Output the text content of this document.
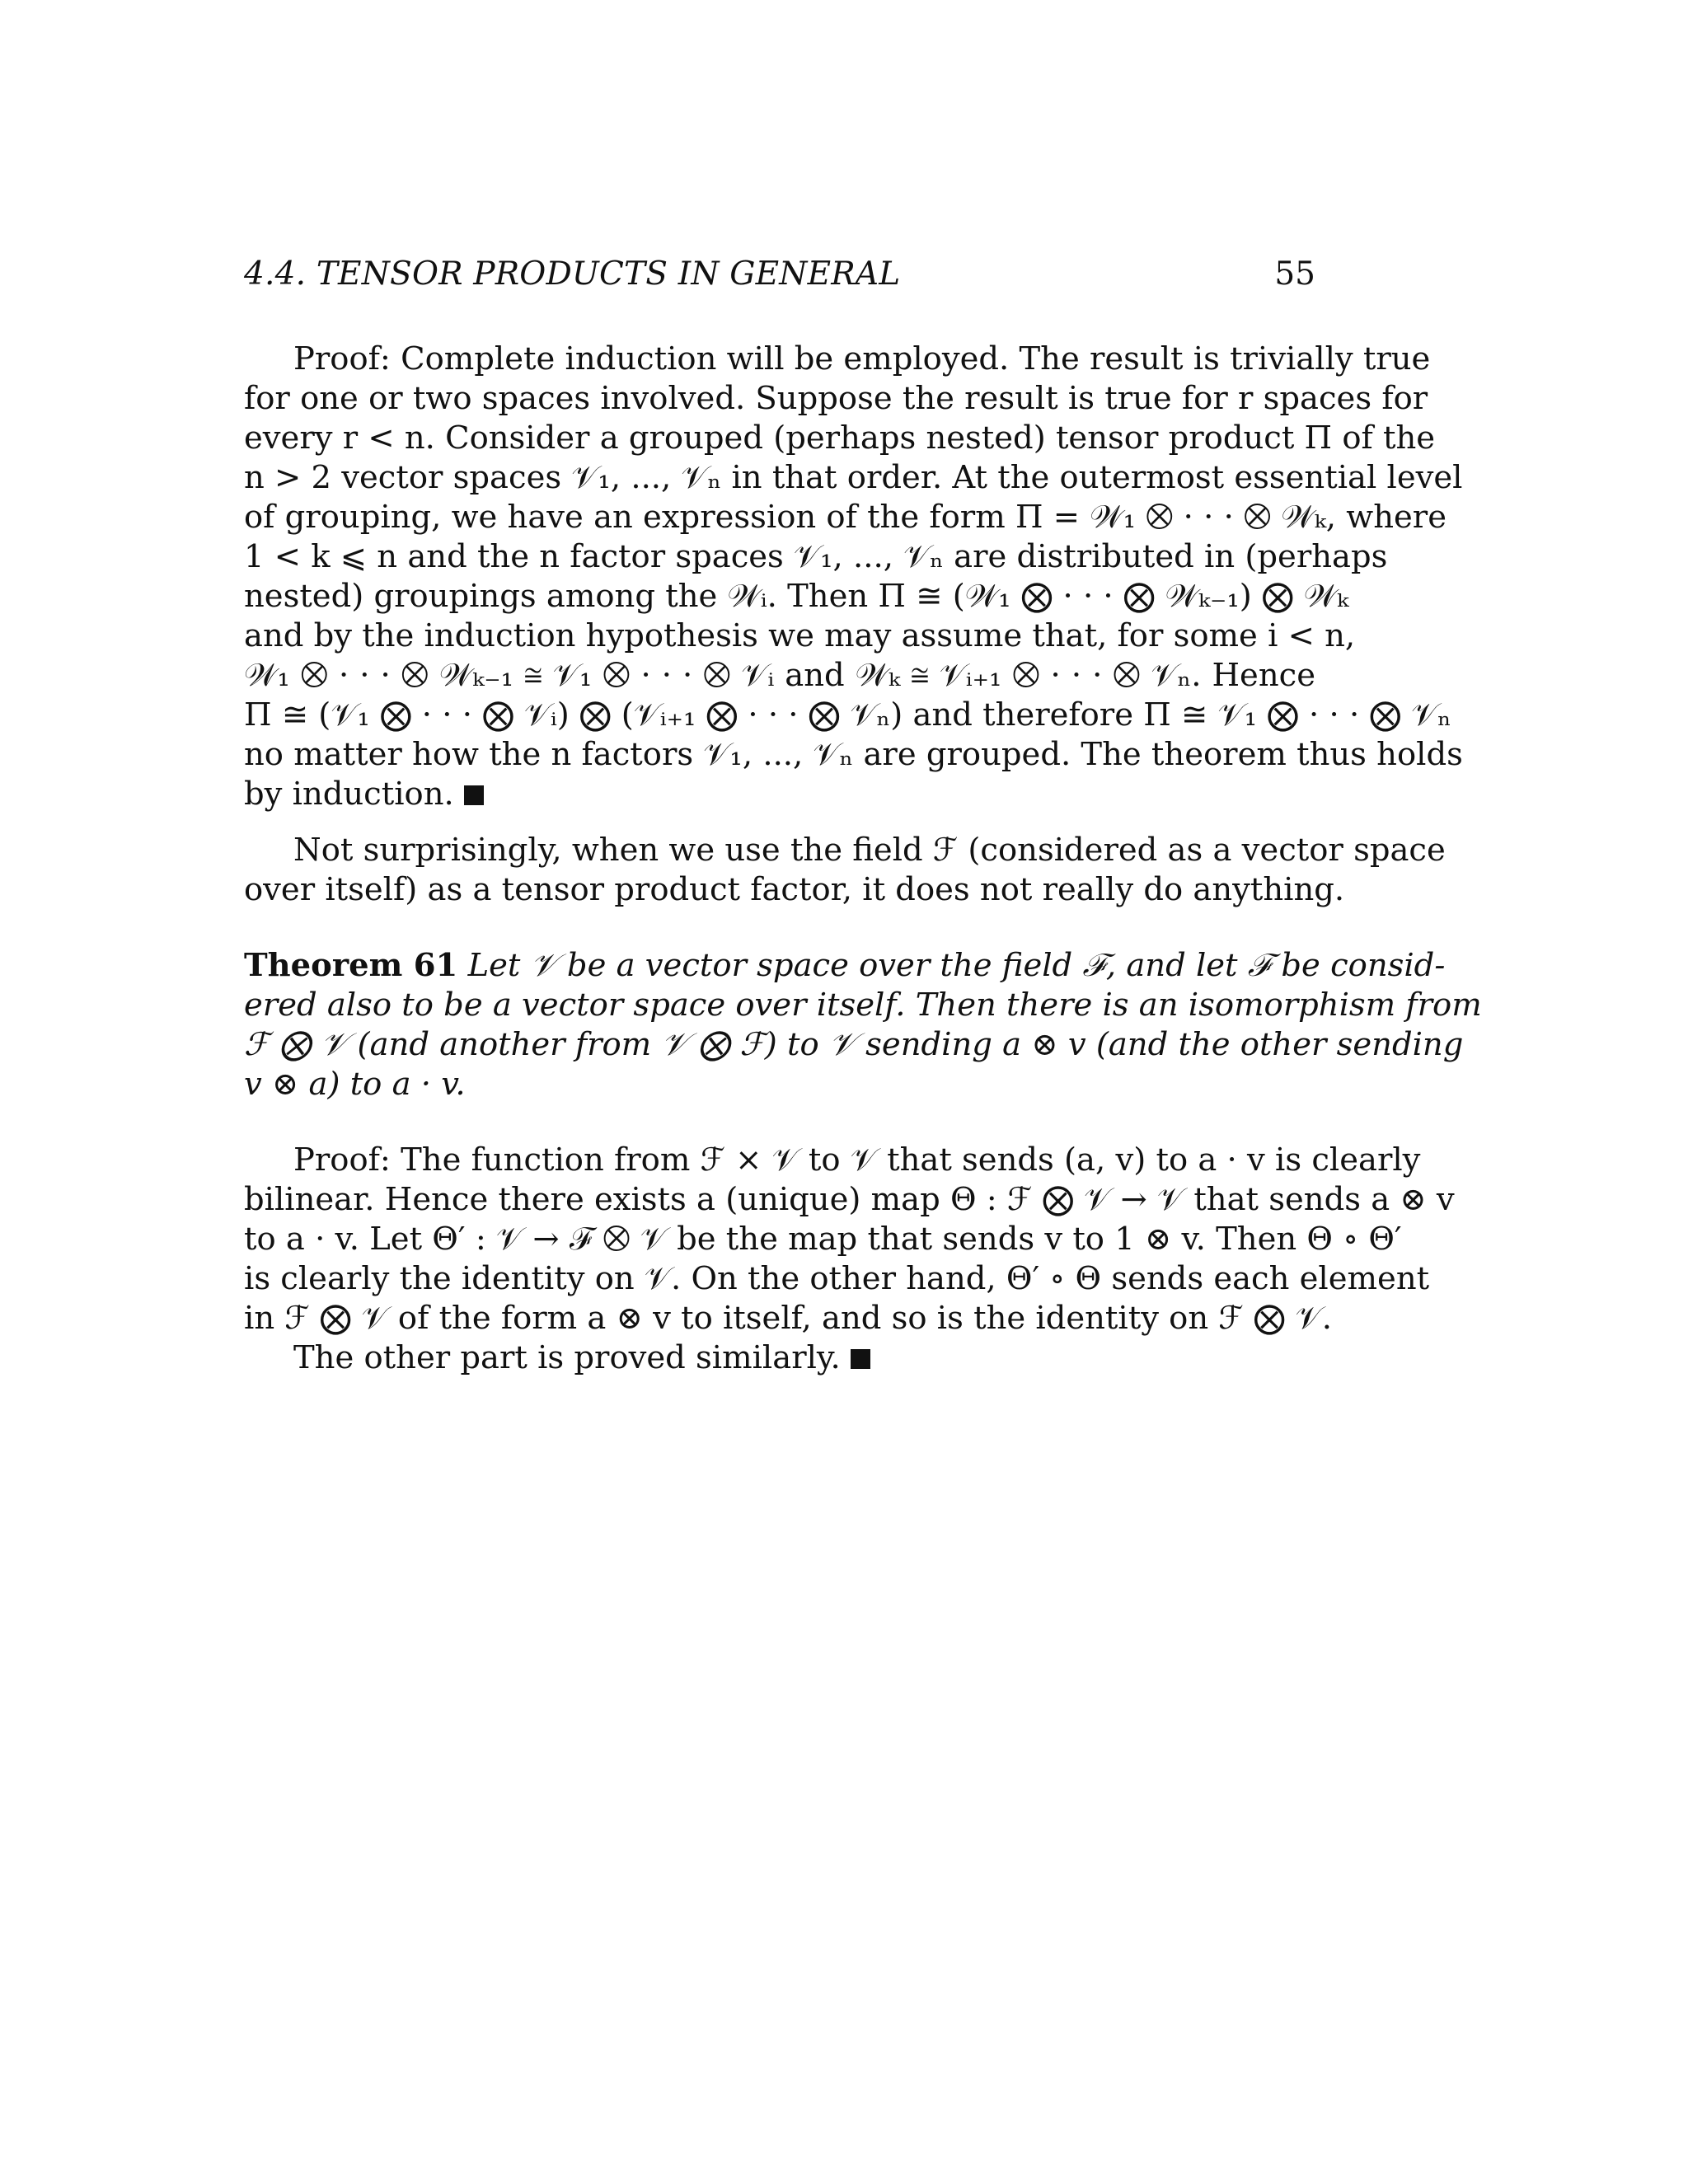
4.4. TENSOR PRODUCTS IN GENERAL	55
Proof: Complete induction will be employed. The result is trivially true
for one or two spaces involved. Suppose the result is true for r spaces for
every r < n. Consider a grouped (perhaps nested) tensor product Π of the
n > 2 vector spaces 𝒱₁, ..., 𝒱ₙ in that order. At the outermost essential level
of grouping, we have an expression of the form Π = 𝒲₁ ⨂ · · · ⨂ 𝒲ₖ, where
1 < k ⩽ n and the n factor spaces 𝒱₁, ..., 𝒱ₙ are distributed in (perhaps
nested) groupings among the 𝒲ᵢ. Then Π ≅ (𝒲₁ ⨂ · · · ⨂ 𝒲ₖ₋₁) ⨂ 𝒲ₖ
and by the induction hypothesis we may assume that, for some i < n,
𝒲₁ ⨂ · · · ⨂ 𝒲ₖ₋₁ ≅ 𝒱₁ ⨂ · · · ⨂ 𝒱ᵢ and 𝒲ₖ ≅ 𝒱ᵢ₊₁ ⨂ · · · ⨂ 𝒱ₙ. Hence
Π ≅ (𝒱₁ ⨂ · · · ⨂ 𝒱ᵢ) ⨂ (𝒱ᵢ₊₁ ⨂ · · · ⨂ 𝒱ₙ) and therefore Π ≅ 𝒱₁ ⨂ · · · ⨂ 𝒱ₙ
no matter how the n factors 𝒱₁, ..., 𝒱ₙ are grouped. The theorem thus holds
by induction.
Not surprisingly, when we use the field ℱ (considered as a vector space
over itself) as a tensor product factor, it does not really do anything.
Theorem 61 Let 𝒱 be a vector space over the field ℱ, and let ℱ be consid-
ered also to be a vector space over itself. Then there is an isomorphism from
ℱ ⨂ 𝒱 (and another from 𝒱 ⨂ ℱ) to 𝒱 sending a ⊗ v (and the other sending
v ⊗ a) to a · v.
Proof: The function from ℱ × 𝒱 to 𝒱 that sends (a, v) to a · v is clearly
bilinear. Hence there exists a (unique) map Θ : ℱ ⨂ 𝒱 → 𝒱 that sends a ⊗ v
to a · v. Let Θ′ : 𝒱 → ℱ ⨂ 𝒱 be the map that sends v to 1 ⊗ v. Then Θ ∘ Θ′
is clearly the identity on 𝒱. On the other hand, Θ′ ∘ Θ sends each element
in ℱ ⨂ 𝒱 of the form a ⊗ v to itself, and so is the identity on ℱ ⨂ 𝒱.
The other part is proved similarly.
